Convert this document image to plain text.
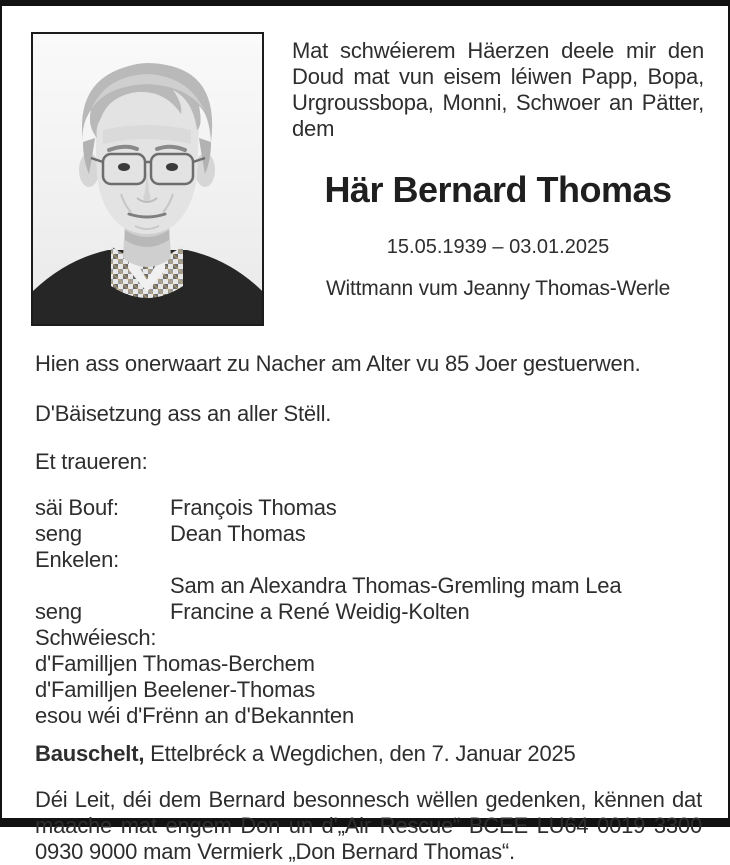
Mat schwéierem Häerzen deele mir den Doud mat vun eisem léiwen Papp, Bopa, Urgroussbopa, Monni, Schwoer an Pätter, dem
Här Bernard Thomas
15.05.1939 – 03.01.2025
Wittmann vum Jeanny Thomas-Werle
Hien ass onerwaart zu Nacher am Alter vu 85 Joer gestuerwen.
D'Bäisetzung ass an aller Stëll.
Et traueren:
säi Bouf:	François Thomas
seng Enkelen:
Dean Thomas
Sam an Alexandra Thomas-Gremling mam Lea
seng Schwéiesch:
Francine a René Weidig-Kolten
d'Familljen Thomas-Berchem
d'Familljen Beelener-Thomas
esou wéi d'Frënn an d'Bekannten
Bauschelt, Ettelbréck a Wegdichen, den 7. Januar 2025
Déi Leit, déi dem Bernard besonnesch wëllen gedenken, kënnen dat maache mat engem Don un d'„Air Rescue“ BCEE LU64 0019 3300 0930 9000 mam Vermierk „Don Bernard Thomas“.
